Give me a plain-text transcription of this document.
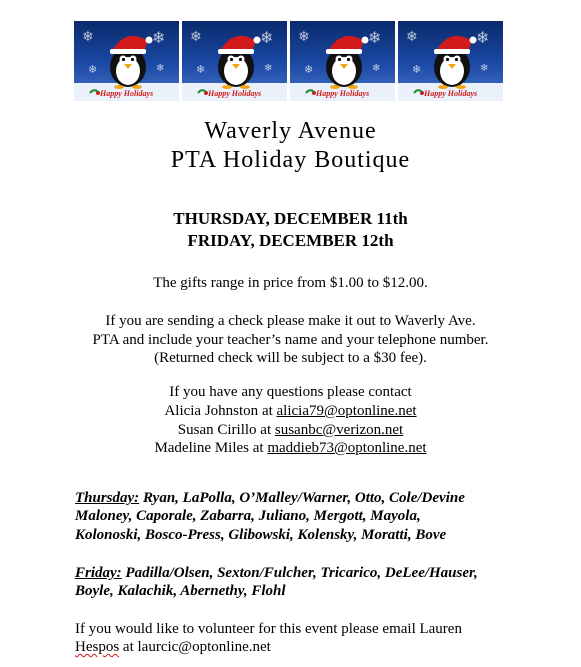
❄	❄
❄	❄
Happy Holidays
❄	❄
❄	❄
Happy Holidays
❄	❄
❄	❄
Happy Holidays
❄	❄
❄	❄
Happy Holidays
Waverly Avenue
PTA Holiday Boutique
THURSDAY, DECEMBER 11th
FRIDAY, DECEMBER 12th
The gifts range in price from $1.00 to $12.00.
If you are sending a check please make it out to Waverly Ave.
PTA and include your teacher’s name and your telephone number.
(Returned check will be subject to a $30 fee).
If you have any questions please contact
Alicia Johnston at alicia79@optonline.net
Susan Cirillo at susanbc@verizon.net
Madeline Miles at maddieb73@optonline.net
Thursday: Ryan, LaPolla, O’Malley/Warner, Otto, Cole/Devine
Maloney, Caporale, Zabarra, Juliano, Mergott, Mayola,
Kolonoski, Bosco-Press, Glibowski, Kolensky, Moratti, Bove
Friday: Padilla/Olsen, Sexton/Fulcher, Tricarico, DeLee/Hauser,
Boyle, Kalachik, Abernethy, Flohl
If you would like to volunteer for this event please email Lauren
Hespos at laurcic@optonline.net
